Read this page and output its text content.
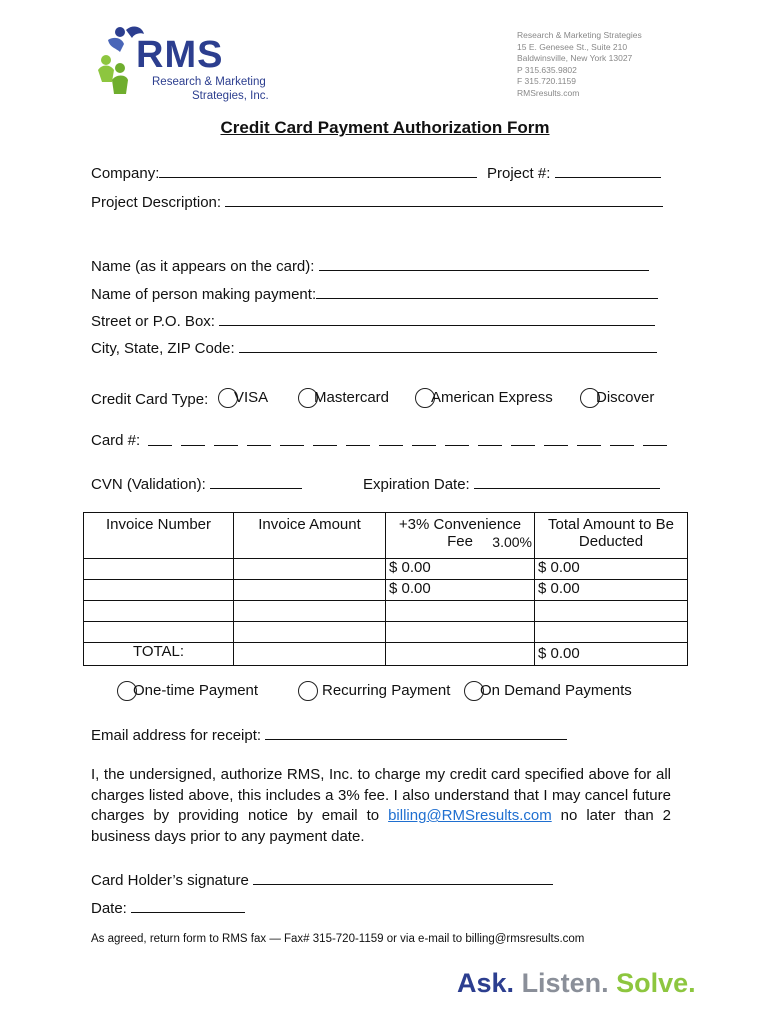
RMS
Research & Marketing
Strategies, Inc.
Research & Marketing Strategies
15 E. Genesee St., Suite 210
Baldwinsville, New York 13027
P 315.635.9802
F 315.720.1159
RMSresults.com
Credit Card Payment Authorization Form
Company:	Project #:
Project Description:
Name (as it appears on the card):
Name of person making payment:
Street or P.O. Box:
City, State, ZIP Code:
Credit Card Type:	VISA	Mastercard	American Express	Discover
Card #:
CVN (Validation):	Expiration Date:
Invoice Number	Invoice Amount	+3% Convenience Fee 3.00%	Total Amount to Be Deducted
		$ 0.00	$ 0.00
		$ 0.00	$ 0.00

TOTAL:			$ 0.00
One-time Payment	Recurring Payment	On Demand Payments
Email address for receipt:
I, the undersigned, authorize RMS, Inc. to charge my credit card specified above for all charges listed above, this includes a 3% fee. I also understand that I may cancel future charges by providing notice by email to billing@RMSresults.com no later than 2 business days prior to any payment date.
Card Holder’s signature
Date:
As agreed, return form to RMS fax — Fax# 315-720-1159 or via e-mail to billing@rmsresults.com
Ask. Listen. Solve.
